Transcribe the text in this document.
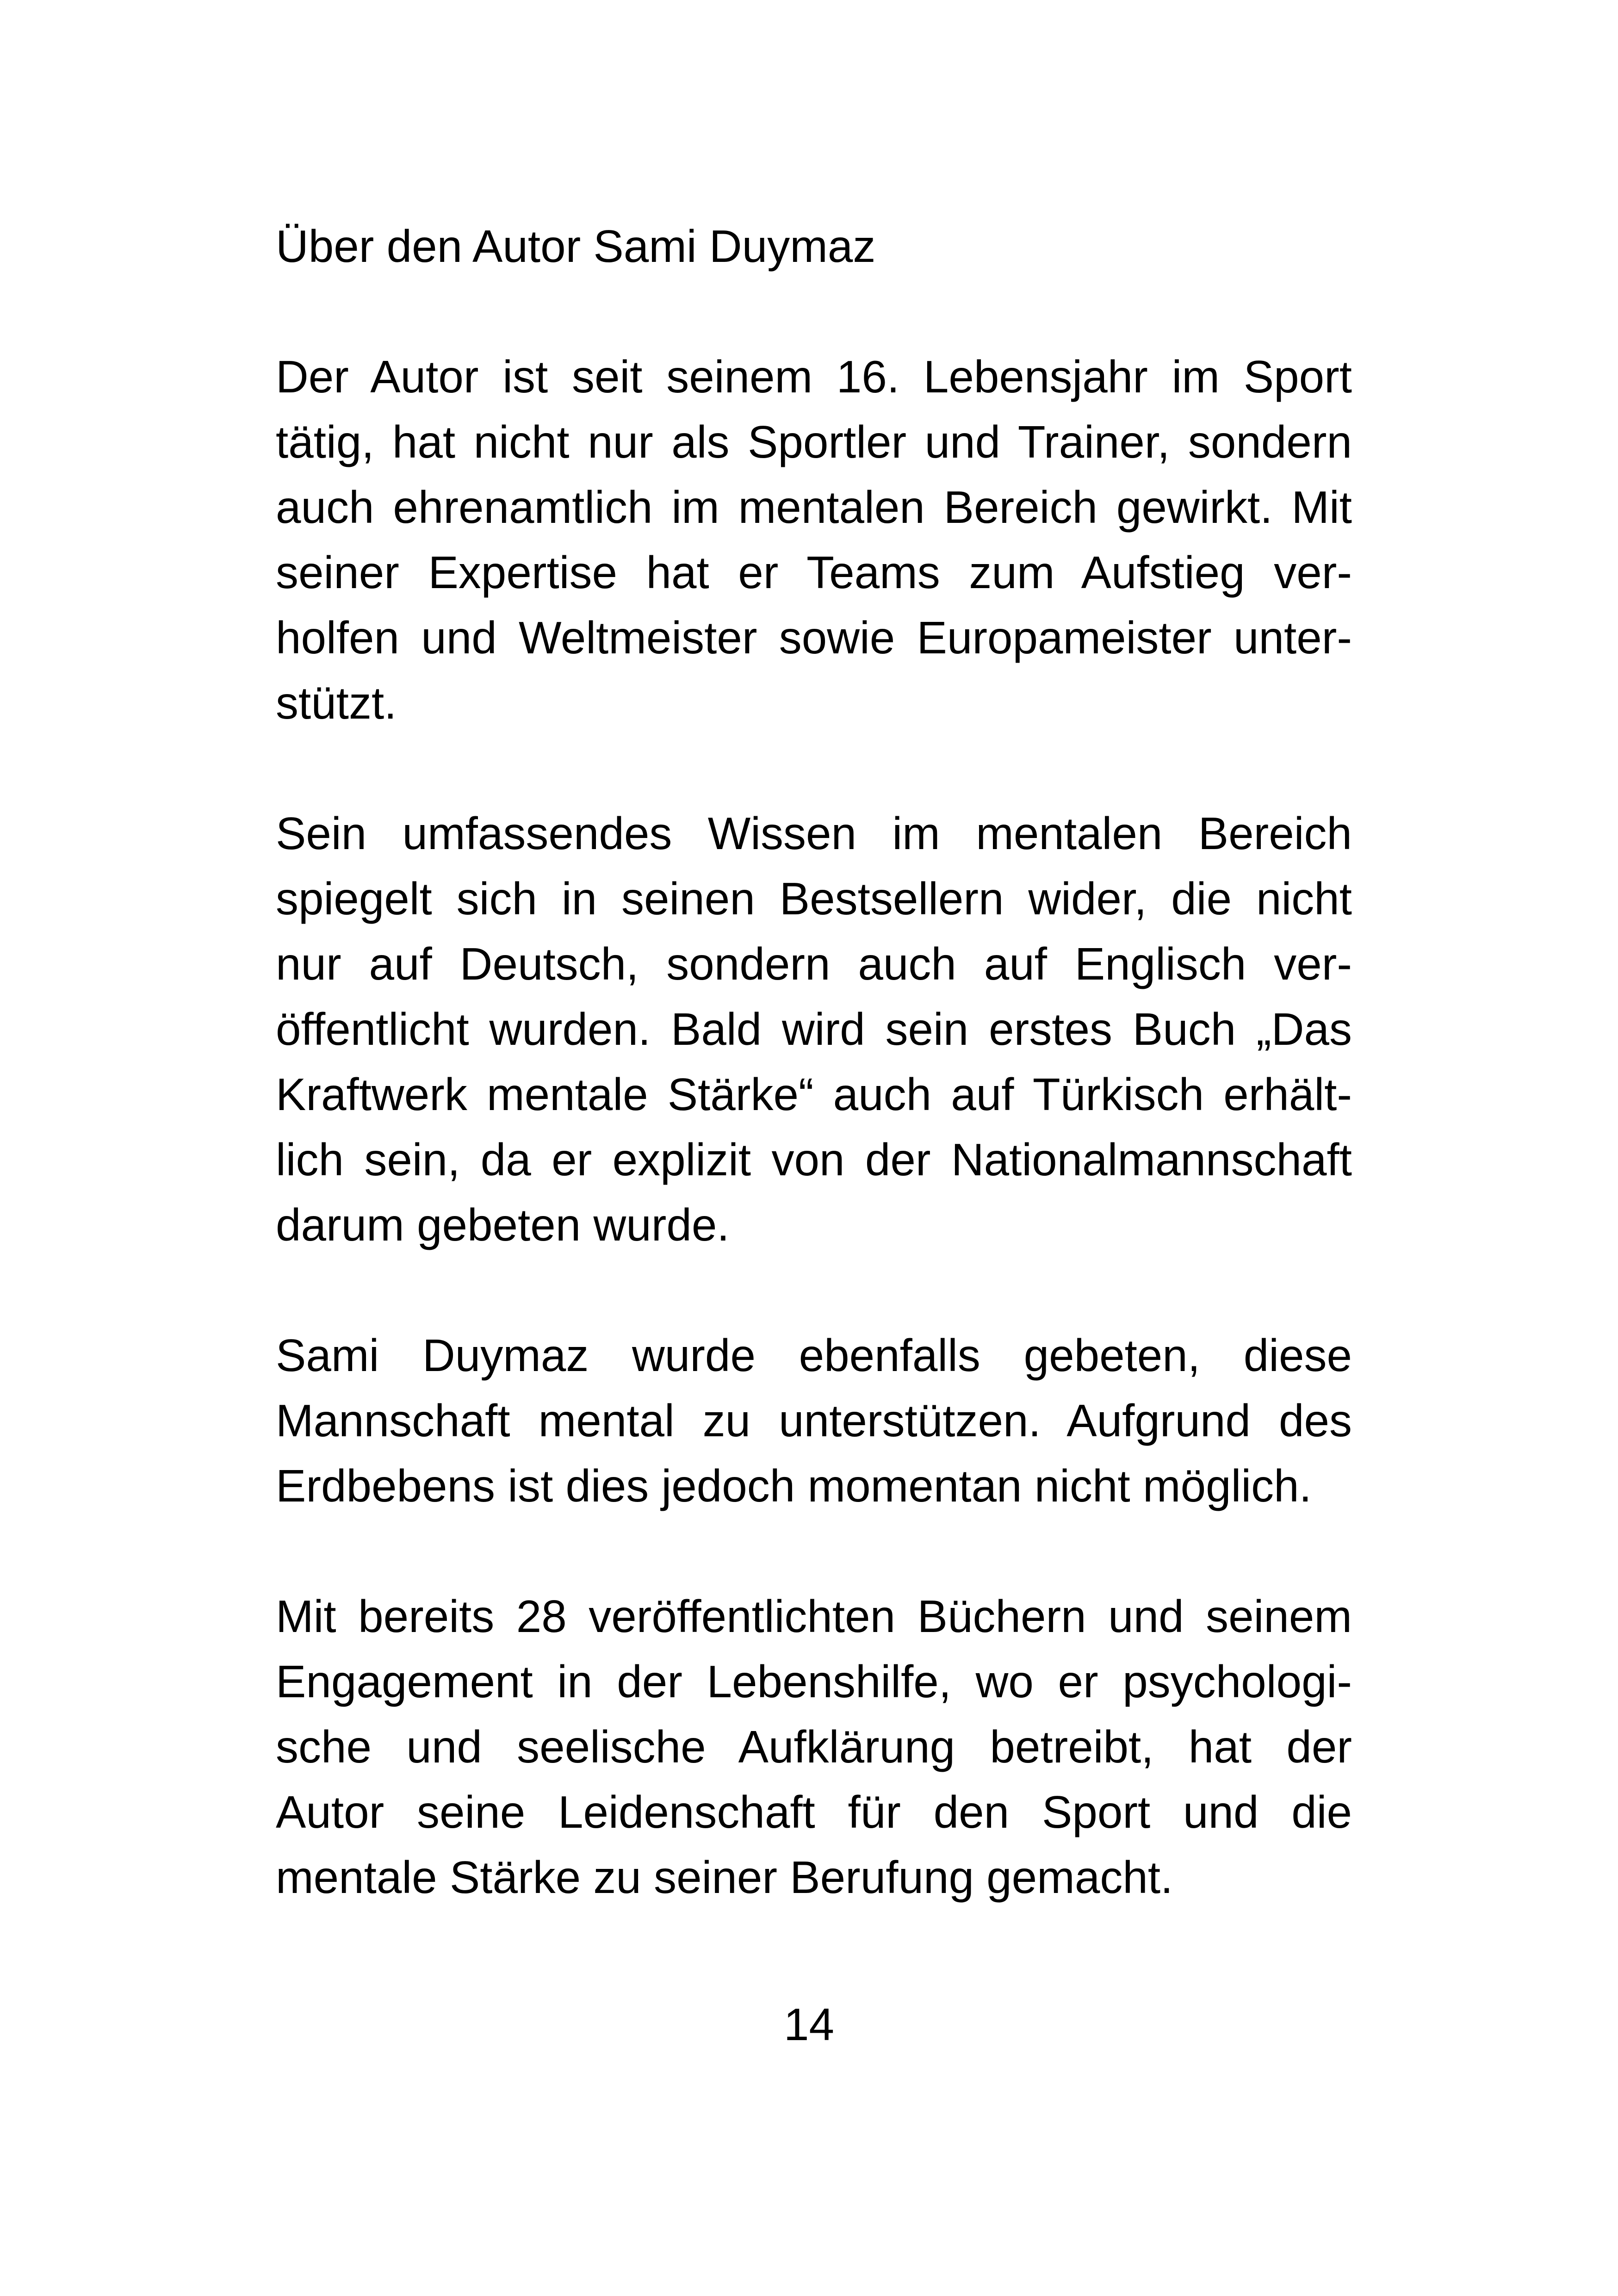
Über den Autor Sami Duymaz

Der Autor ist seit seinem 16. Lebensjahr im Sport
tätig, hat nicht nur als Sportler und Trainer, sondern
auch ehrenamtlich im mentalen Bereich gewirkt. Mit
seiner Expertise hat er Teams zum Aufstieg ver-
holfen und Weltmeister sowie Europameister unter-
stützt.

Sein umfassendes Wissen im mentalen Bereich
spiegelt sich in seinen Bestsellern wider, die nicht
nur auf Deutsch, sondern auch auf Englisch ver-
öffentlicht wurden. Bald wird sein erstes Buch „Das
Kraftwerk mentale Stärke“ auch auf Türkisch erhält-
lich sein, da er explizit von der Nationalmannschaft
darum gebeten wurde.

Sami Duymaz wurde ebenfalls gebeten, diese
Mannschaft mental zu unterstützen. Aufgrund des
Erdbebens ist dies jedoch momentan nicht möglich.

Mit bereits 28 veröffentlichten Büchern und seinem
Engagement in der Lebenshilfe, wo er psychologi-
sche und seelische Aufklärung betreibt, hat der
Autor seine Leidenschaft für den Sport und die
mentale Stärke zu seiner Berufung gemacht.

14
